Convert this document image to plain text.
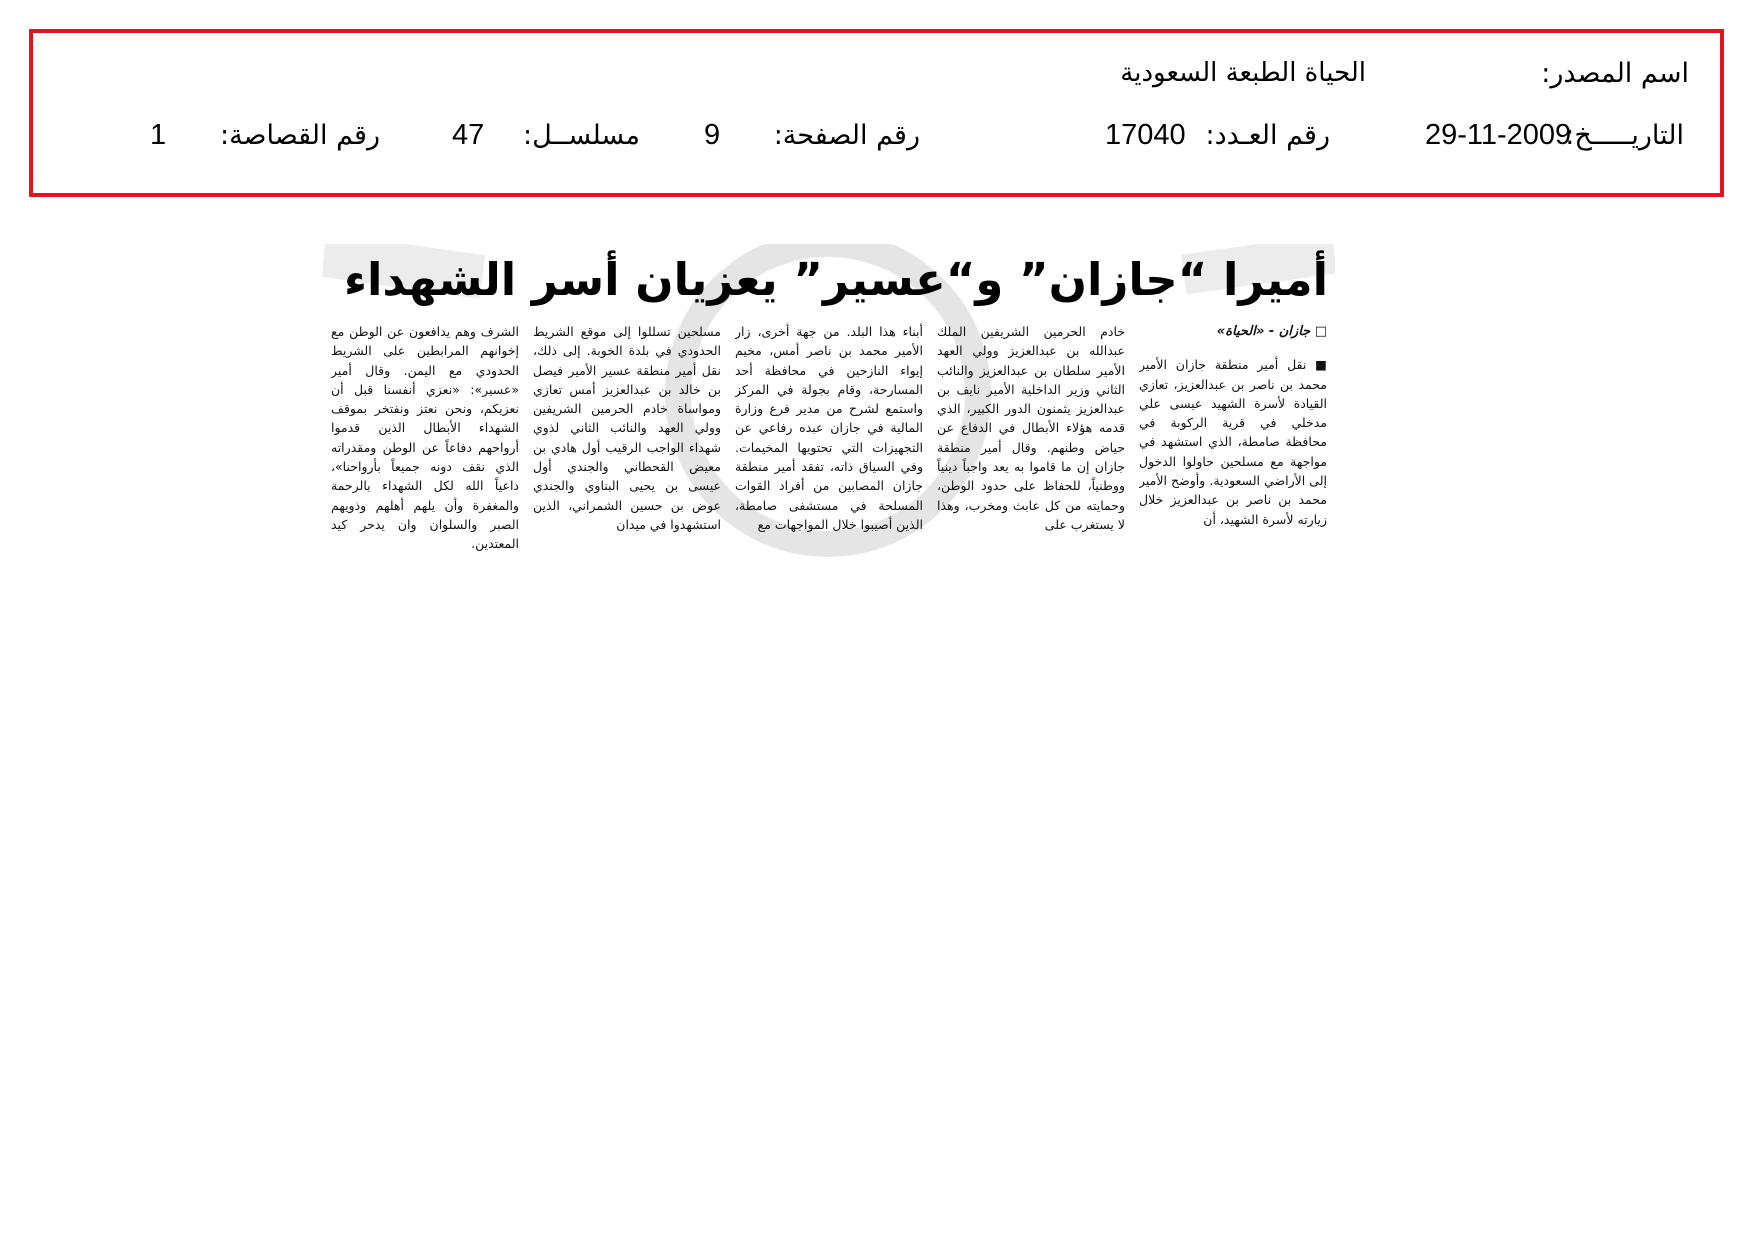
اسم المصدر:
الحياة الطبعة السعودية
التاريـــــخ:
29-11-2009
رقم العـدد:
17040
رقم الصفحة:
9
مسلســل:
47
رقم القصاصة:
1
أميرا “جازان” و“عسير” يعزيان أسر الشهداء

□ جازان - «الحياة»

■ نقل أمير منطقة جازان الأمير محمد بن ناصر بن عبدالعزيز، تعازي القيادة لأسرة الشهيد عيسى علي مدخلي في قرية الركوبة في محافظة صامطة، الذي استشهد في مواجهة مع مسلحين حاولوا الدخول إلى الأراضي السعودية. وأوضح الأمير محمد بن ناصر بن عبدالعزيز خلال زيارته لأسرة الشهيد، أن

خادم الحرمين الشريفين الملك عبدالله بن عبدالعزيز وولي العهد الأمير سلطان بن عبدالعزيز والنائب الثاني وزير الداخلية الأمير نايف بن عبدالعزيز يثمنون الدور الكبير، الذي قدمه هؤلاء الأبطال في الدفاع عن حياض وطنهم. وقال أمير منطقة جازان إن ما قاموا به يعد واجباً دينياً ووطنياً، للحفاظ على حدود الوطن، وحمايته من كل عابث ومخرب، وهذا لا يستغرب على

أبناء هذا البلد. من جهة أخرى، زار الأمير محمد بن ناصر أمس، مخيم إيواء النازحين في محافظة أحد المسارحة، وقام بجولة في المركز واستمع لشرح من مدير فرع وزارة المالية في جازان عبده رفاعي عن التجهيزات التي تحتويها المخيمات. وفي السياق ذاته، تفقد أمير منطقة جازان المصابين من أفراد القوات المسلحة في مستشفى صامطة، الذين أصيبوا خلال المواجهات مع

مسلحين تسللوا إلى موقع الشريط الحدودي في بلدة الخوبة. إلى ذلك، نقل أمير منطقة عسير الأمير فيصل بن خالد بن عبدالعزيز أمس تعازي ومواساة خادم الحرمين الشريفين وولي العهد والنائب الثاني لذوي شهداء الواجب الرقيب أول هادي بن معيض القحطاني والجندي أول عيسى بن يحيى البناوي والجندي عوض بن حسين الشمراني، الذين استشهدوا في ميدان

الشرف وهم يدافعون عن الوطن مع إخوانهم المرابطين على الشريط الحدودي مع اليمن. وقال أمير «عسير»: «نعزي أنفسنا قبل أن نعزيكم، ونحن نعتز ونفتخر بموقف الشهداء الأبطال الذين قدموا أرواحهم دفاعاً عن الوطن ومقدراته الذي نقف دونه جميعاً بأرواحنا»، داعياً الله لكل الشهداء بالرحمة والمغفرة وأن يلهم أهلهم وذويهم الصبر والسلوان وان يدحر كيد المعتدين.
